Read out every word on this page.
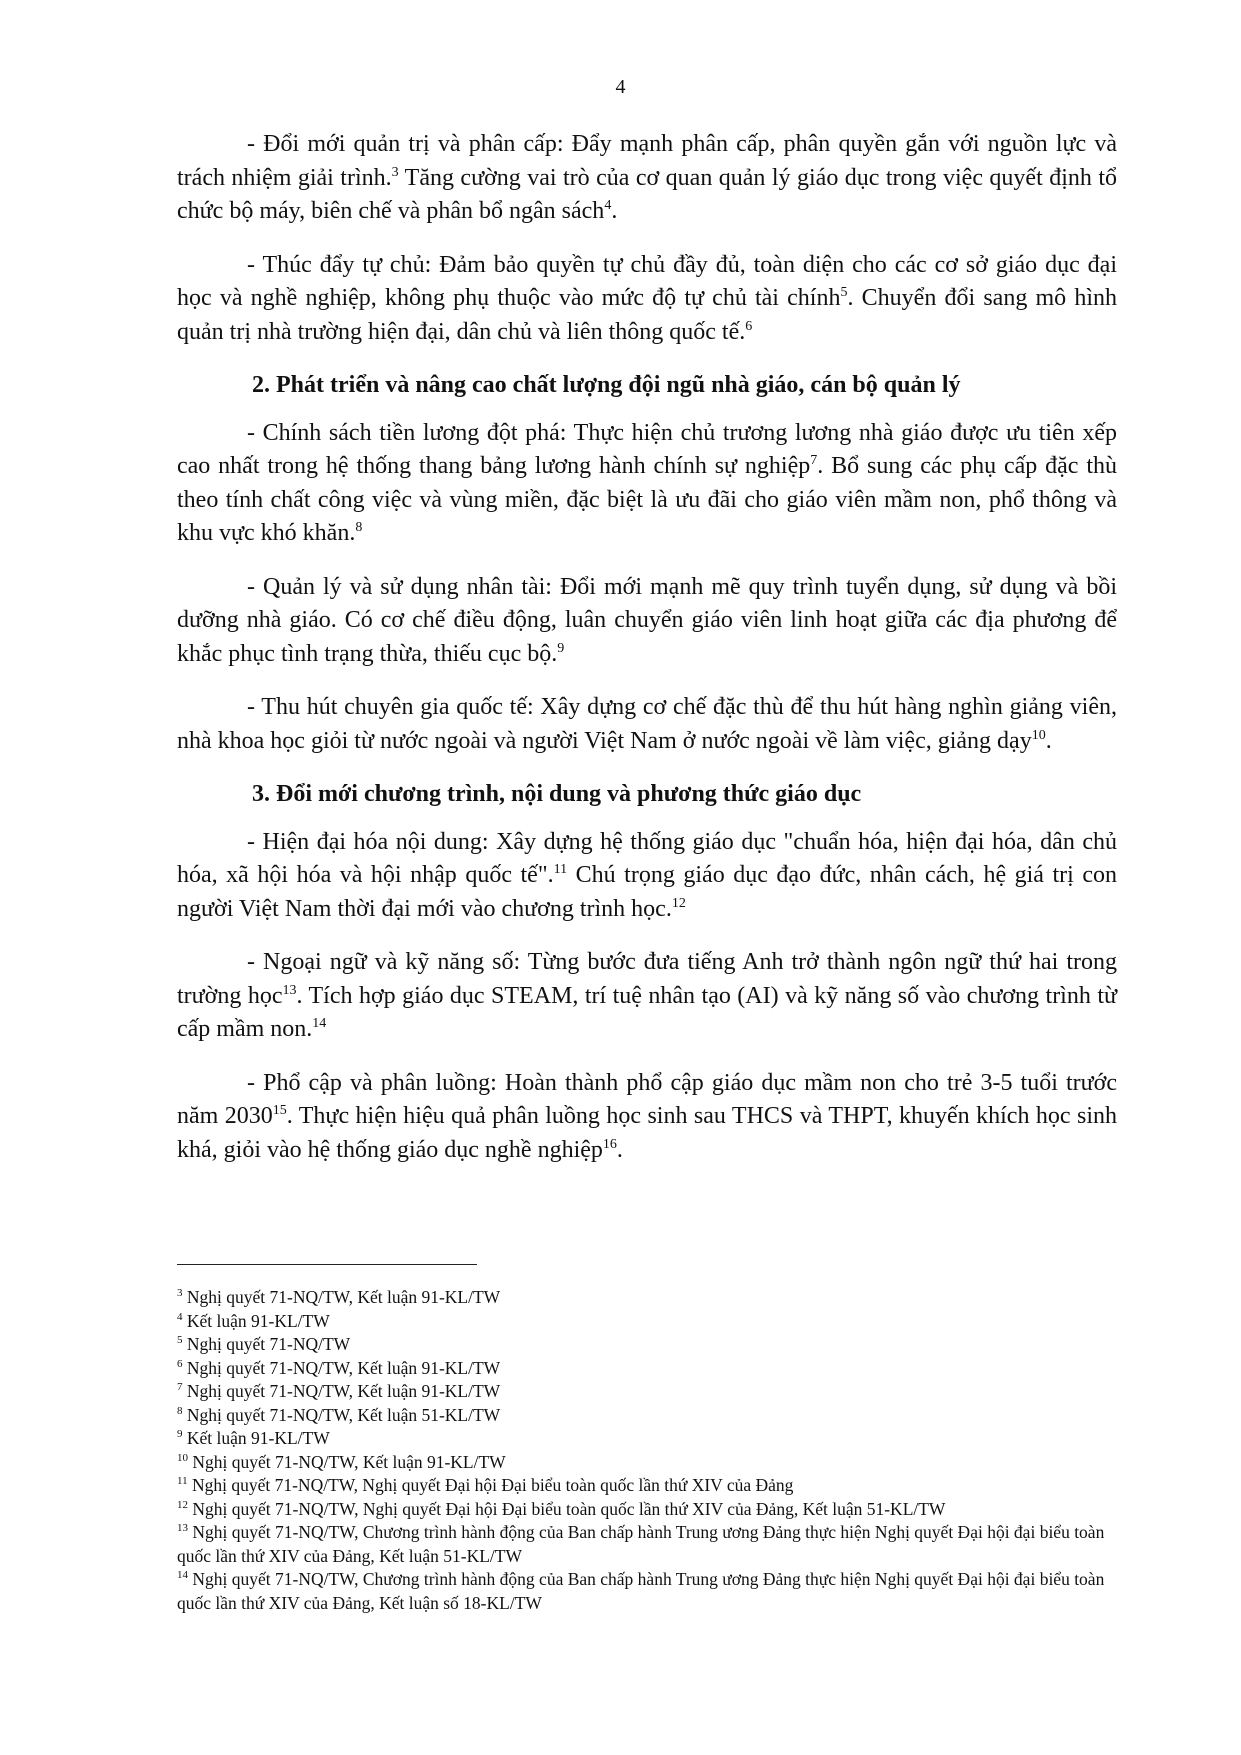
4

- Đổi mới quản trị và phân cấp: Đẩy mạnh phân cấp, phân quyền gắn với nguồn lực và trách nhiệm giải trình.$^3$ Tăng cường vai trò của cơ quan quản lý giáo dục trong việc quyết định tổ chức bộ máy, biên chế và phân bổ ngân sách$^4$.

- Thúc đẩy tự chủ: Đảm bảo quyền tự chủ đầy đủ, toàn diện cho các cơ sở giáo dục đại học và nghề nghiệp, không phụ thuộc vào mức độ tự chủ tài chính$^5$. Chuyển đổi sang mô hình quản trị nhà trường hiện đại, dân chủ và liên thông quốc tế.$^6$

2. Phát triển và nâng cao chất lượng đội ngũ nhà giáo, cán bộ quản lý

- Chính sách tiền lương đột phá: Thực hiện chủ trương lương nhà giáo được ưu tiên xếp cao nhất trong hệ thống thang bảng lương hành chính sự nghiệp$^7$. Bổ sung các phụ cấp đặc thù theo tính chất công việc và vùng miền, đặc biệt là ưu đãi cho giáo viên mầm non, phổ thông và khu vực khó khăn.$^8$

- Quản lý và sử dụng nhân tài: Đổi mới mạnh mẽ quy trình tuyển dụng, sử dụng và bồi dưỡng nhà giáo. Có cơ chế điều động, luân chuyển giáo viên linh hoạt giữa các địa phương để khắc phục tình trạng thừa, thiếu cục bộ.$^9$

- Thu hút chuyên gia quốc tế: Xây dựng cơ chế đặc thù để thu hút hàng nghìn giảng viên, nhà khoa học giỏi từ nước ngoài và người Việt Nam ở nước ngoài về làm việc, giảng dạy$^{10}$.

3. Đổi mới chương trình, nội dung và phương thức giáo dục

- Hiện đại hóa nội dung: Xây dựng hệ thống giáo dục "chuẩn hóa, hiện đại hóa, dân chủ hóa, xã hội hóa và hội nhập quốc tế".$^{11}$ Chú trọng giáo dục đạo đức, nhân cách, hệ giá trị con người Việt Nam thời đại mới vào chương trình học.$^{12}$

- Ngoại ngữ và kỹ năng số: Từng bước đưa tiếng Anh trở thành ngôn ngữ thứ hai trong trường học$^{13}$. Tích hợp giáo dục STEAM, trí tuệ nhân tạo (AI) và kỹ năng số vào chương trình từ cấp mầm non.$^{14}$

- Phổ cập và phân luồng: Hoàn thành phổ cập giáo dục mầm non cho trẻ 3-5 tuổi trước năm 2030$^{15}$. Thực hiện hiệu quả phân luồng học sinh sau THCS và THPT, khuyến khích học sinh khá, giỏi vào hệ thống giáo dục nghề nghiệp$^{16}$.

$^3$ Nghị quyết 71-NQ/TW, Kết luận 91-KL/TW
$^4$ Kết luận 91-KL/TW
$^5$ Nghị quyết 71-NQ/TW
$^6$ Nghị quyết 71-NQ/TW, Kết luận 91-KL/TW
$^7$ Nghị quyết 71-NQ/TW, Kết luận 91-KL/TW
$^8$ Nghị quyết 71-NQ/TW, Kết luận 51-KL/TW
$^9$ Kết luận 91-KL/TW
$^{10}$ Nghị quyết 71-NQ/TW, Kết luận 91-KL/TW
$^{11}$ Nghị quyết 71-NQ/TW, Nghị quyết Đại hội Đại biểu toàn quốc lần thứ XIV của Đảng
$^{12}$ Nghị quyết 71-NQ/TW, Nghị quyết Đại hội Đại biểu toàn quốc lần thứ XIV của Đảng, Kết luận 51-KL/TW
$^{13}$ Nghị quyết 71-NQ/TW, Chương trình hành động của Ban chấp hành Trung ương Đảng thực hiện Nghị quyết Đại hội đại biểu toàn quốc lần thứ XIV của Đảng, Kết luận 51-KL/TW
$^{14}$ Nghị quyết 71-NQ/TW, Chương trình hành động của Ban chấp hành Trung ương Đảng thực hiện Nghị quyết Đại hội đại biểu toàn quốc lần thứ XIV của Đảng, Kết luận số 18-KL/TW
